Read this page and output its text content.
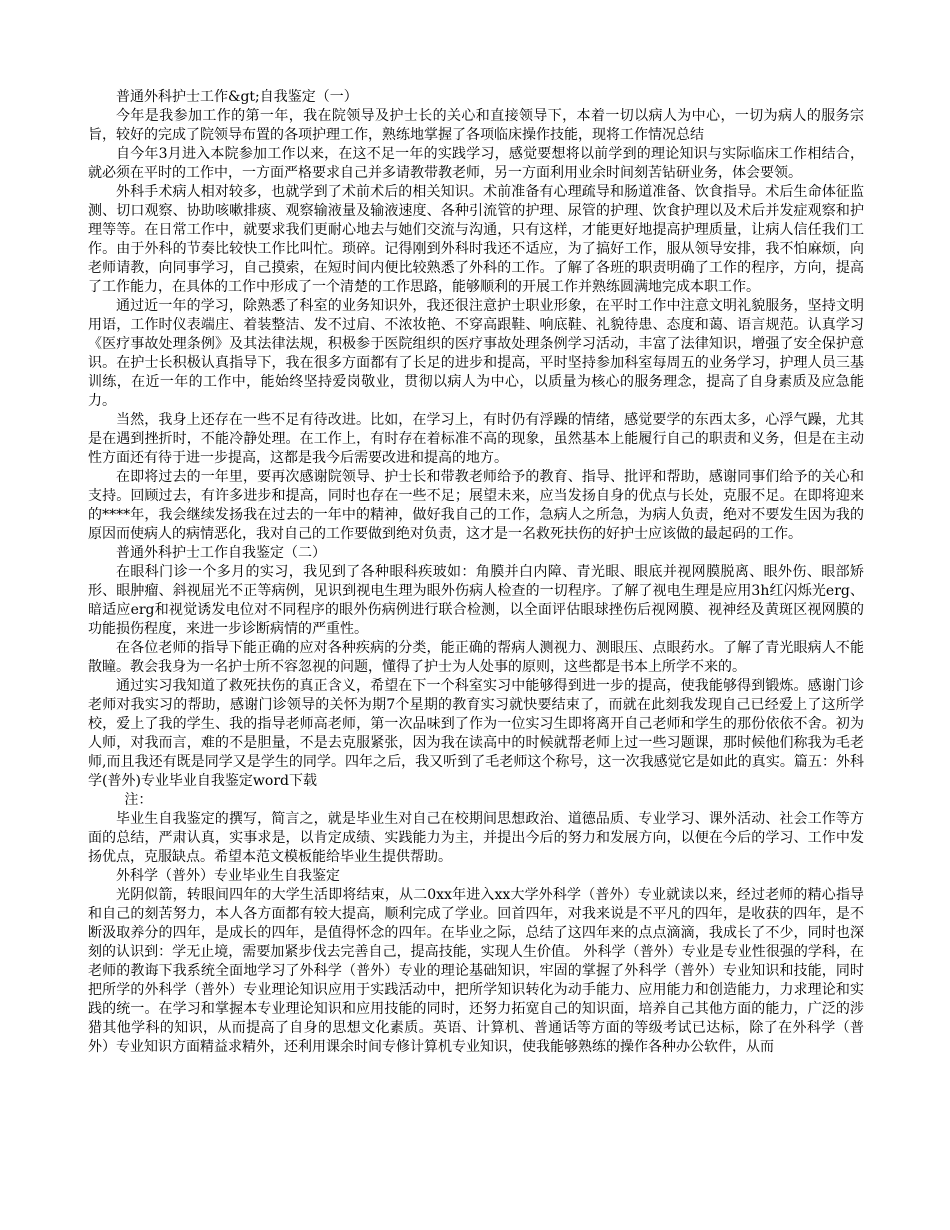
普通外科护士工作&gt;自我鉴定（一）

今年是我参加工作的第一年，我在院领导及护士长的关心和直接领导下，本着一切以病人为中心，一切为病人的服务宗旨，较好的完成了院领导布置的各项护理工作，熟练地掌握了各项临床操作技能，现将工作情况总结

自今年3月进入本院参加工作以来，在这不足一年的实践学习，感觉要想将以前学到的理论知识与实际临床工作相结合，就必须在平时的工作中，一方面严格要求自己并多请教带教老师，另一方面利用业余时间刻苦钻研业务，体会要领。

外科手术病人相对较多，也就学到了术前术后的相关知识。术前准备有心理疏导和肠道准备、饮食指导。术后生命体征监测、切口观察、协助咳嗽排痰、观察输液量及输液速度、各种引流管的护理、尿管的护理、饮食护理以及术后并发症观察和护理等等。在日常工作中，就要求我们更耐心地去与她们交流与沟通，只有这样，才能更好地提高护理质量，让病人信任我们工作。由于外科的节奏比较快工作比叫忙。琐碎。记得刚到外科时我还不适应，为了搞好工作，服从领导安排，我不怕麻烦，向老师请教，向同事学习，自己摸索，在短时间内便比较熟悉了外科的工作。了解了各班的职责明确了工作的程序，方向，提高了工作能力，在具体的工作中形成了一个清楚的工作思路，能够顺利的开展工作并熟练圆满地完成本职工作。

通过近一年的学习，除熟悉了科室的业务知识外，我还很注意护士职业形象，在平时工作中注意文明礼貌服务，坚持文明用语，工作时仪表端庄、着装整洁、发不过肩、不浓妆艳、不穿高跟鞋、响底鞋、礼貌待患、态度和蔼、语言规范。认真学习《医疗事故处理条例》及其法律法规，积极参于医院组织的医疗事故处理条例学习活动，丰富了法律知识，增强了安全保护意识。在护士长积极认真指导下，我在很多方面都有了长足的进步和提高，平时坚持参加科室每周五的业务学习，护理人员三基训练，在近一年的工作中，能始终坚持爱岗敬业，贯彻以病人为中心，以质量为核心的服务理念，提高了自身素质及应急能力。

当然，我身上还存在一些不足有待改进。比如，在学习上，有时仍有浮躁的情绪，感觉要学的东西太多，心浮气躁，尤其是在遇到挫折时，不能冷静处理。在工作上，有时存在着标准不高的现象，虽然基本上能履行自己的职责和义务，但是在主动性方面还有待于进一步提高，这都是我今后需要改进和提高的地方。

在即将过去的一年里，要再次感谢院领导、护士长和带教老师给予的教育、指导、批评和帮助，感谢同事们给予的关心和支持。回顾过去，有许多进步和提高，同时也存在一些不足；展望未来，应当发扬自身的优点与长处，克服不足。在即将迎来的****年，我会继续发扬我在过去的一年中的精神，做好我自己的工作，急病人之所急，为病人负责，绝对不要发生因为我的原因而使病人的病情恶化，我对自己的工作要做到绝对负责，这才是一名救死扶伤的好护士应该做的最起码的工作。

普通外科护士工作自我鉴定（二）

在眼科门诊一个多月的实习，我见到了各种眼科疾玻如：角膜并白内障、青光眼、眼底并视网膜脱离、眼外伤、眼部矫形、眼肿瘤、斜视屈光不正等病例，见识到视电生理为眼外伤病人检查的一切程序。了解了视电生理是应用3h红闪烁光erg、暗适应erg和视觉诱发电位对不同程序的眼外伤病例进行联合检测，以全面评估眼球挫伤后视网膜、视神经及黄斑区视网膜的功能损伤程度，来进一步诊断病情的严重性。

在各位老师的指导下能正确的应对各种疾病的分类，能正确的帮病人测视力、测眼压、点眼药水。了解了青光眼病人不能散瞳。教会我身为一名护士所不容忽视的问题，懂得了护士为人处事的原则，这些都是书本上所学不来的。

通过实习我知道了救死扶伤的真正含义，希望在下一个科室实习中能够得到进一步的提高，使我能够得到锻炼。感谢门诊老师对我实习的帮助，感谢门诊领导的关怀为期7个星期的教育实习就快要结束了，而就在此刻我发现自己已经爱上了这所学校，爱上了我的学生、我的指导老师高老师，第一次品味到了作为一位实习生即将离开自己老师和学生的那份依依不舍。初为人师，对我而言，难的不是胆量，不是去克服紧张，因为我在读高中的时候就帮老师上过一些习题课，那时候他们称我为毛老师,而且我还有既是同学又是学生的同学。四年之后，我又听到了毛老师这个称号，这一次我感觉它是如此的真实。篇五：外科学(普外)专业毕业自我鉴定word下载

注：

毕业生自我鉴定的撰写，简言之，就是毕业生对自己在校期间思想政治、道德品质、专业学习、课外活动、社会工作等方面的总结，严肃认真，实事求是，以肯定成绩、实践能力为主，并提出今后的努力和发展方向，以便在今后的学习、工作中发扬优点，克服缺点。希望本范文模板能给毕业生提供帮助。

外科学（普外）专业毕业生自我鉴定

光阴似箭，转眼间四年的大学生活即将结束，从二0xx年进入xx大学外科学（普外）专业就读以来，经过老师的精心指导和自己的刻苦努力，本人各方面都有较大提高，顺利完成了学业。回首四年，对我来说是不平凡的四年，是收获的四年，是不断汲取养分的四年，是成长的四年，是值得怀念的四年。在毕业之际，总结了这四年来的点点滴滴，我成长了不少，同时也深刻的认识到：学无止境，需要加紧步伐去完善自己，提高技能，实现人生价值。 外科学（普外）专业是专业性很强的学科，在老师的教诲下我系统全面地学习了外科学（普外）专业的理论基础知识，牢固的掌握了外科学（普外）专业知识和技能，同时把所学的外科学（普外）专业理论知识应用于实践活动中，把所学知识转化为动手能力、应用能力和创造能力，力求理论和实践的统一。在学习和掌握本专业理论知识和应用技能的同时，还努力拓宽自己的知识面，培养自己其他方面的能力，广泛的涉猎其他学科的知识，从而提高了自身的思想文化素质。英语、计算机、普通话等方面的等级考试已达标，除了在外科学（普外）专业知识方面精益求精外，还利用课余时间专修计算机专业知识，使我能够熟练的操作各种办公软件，从而
